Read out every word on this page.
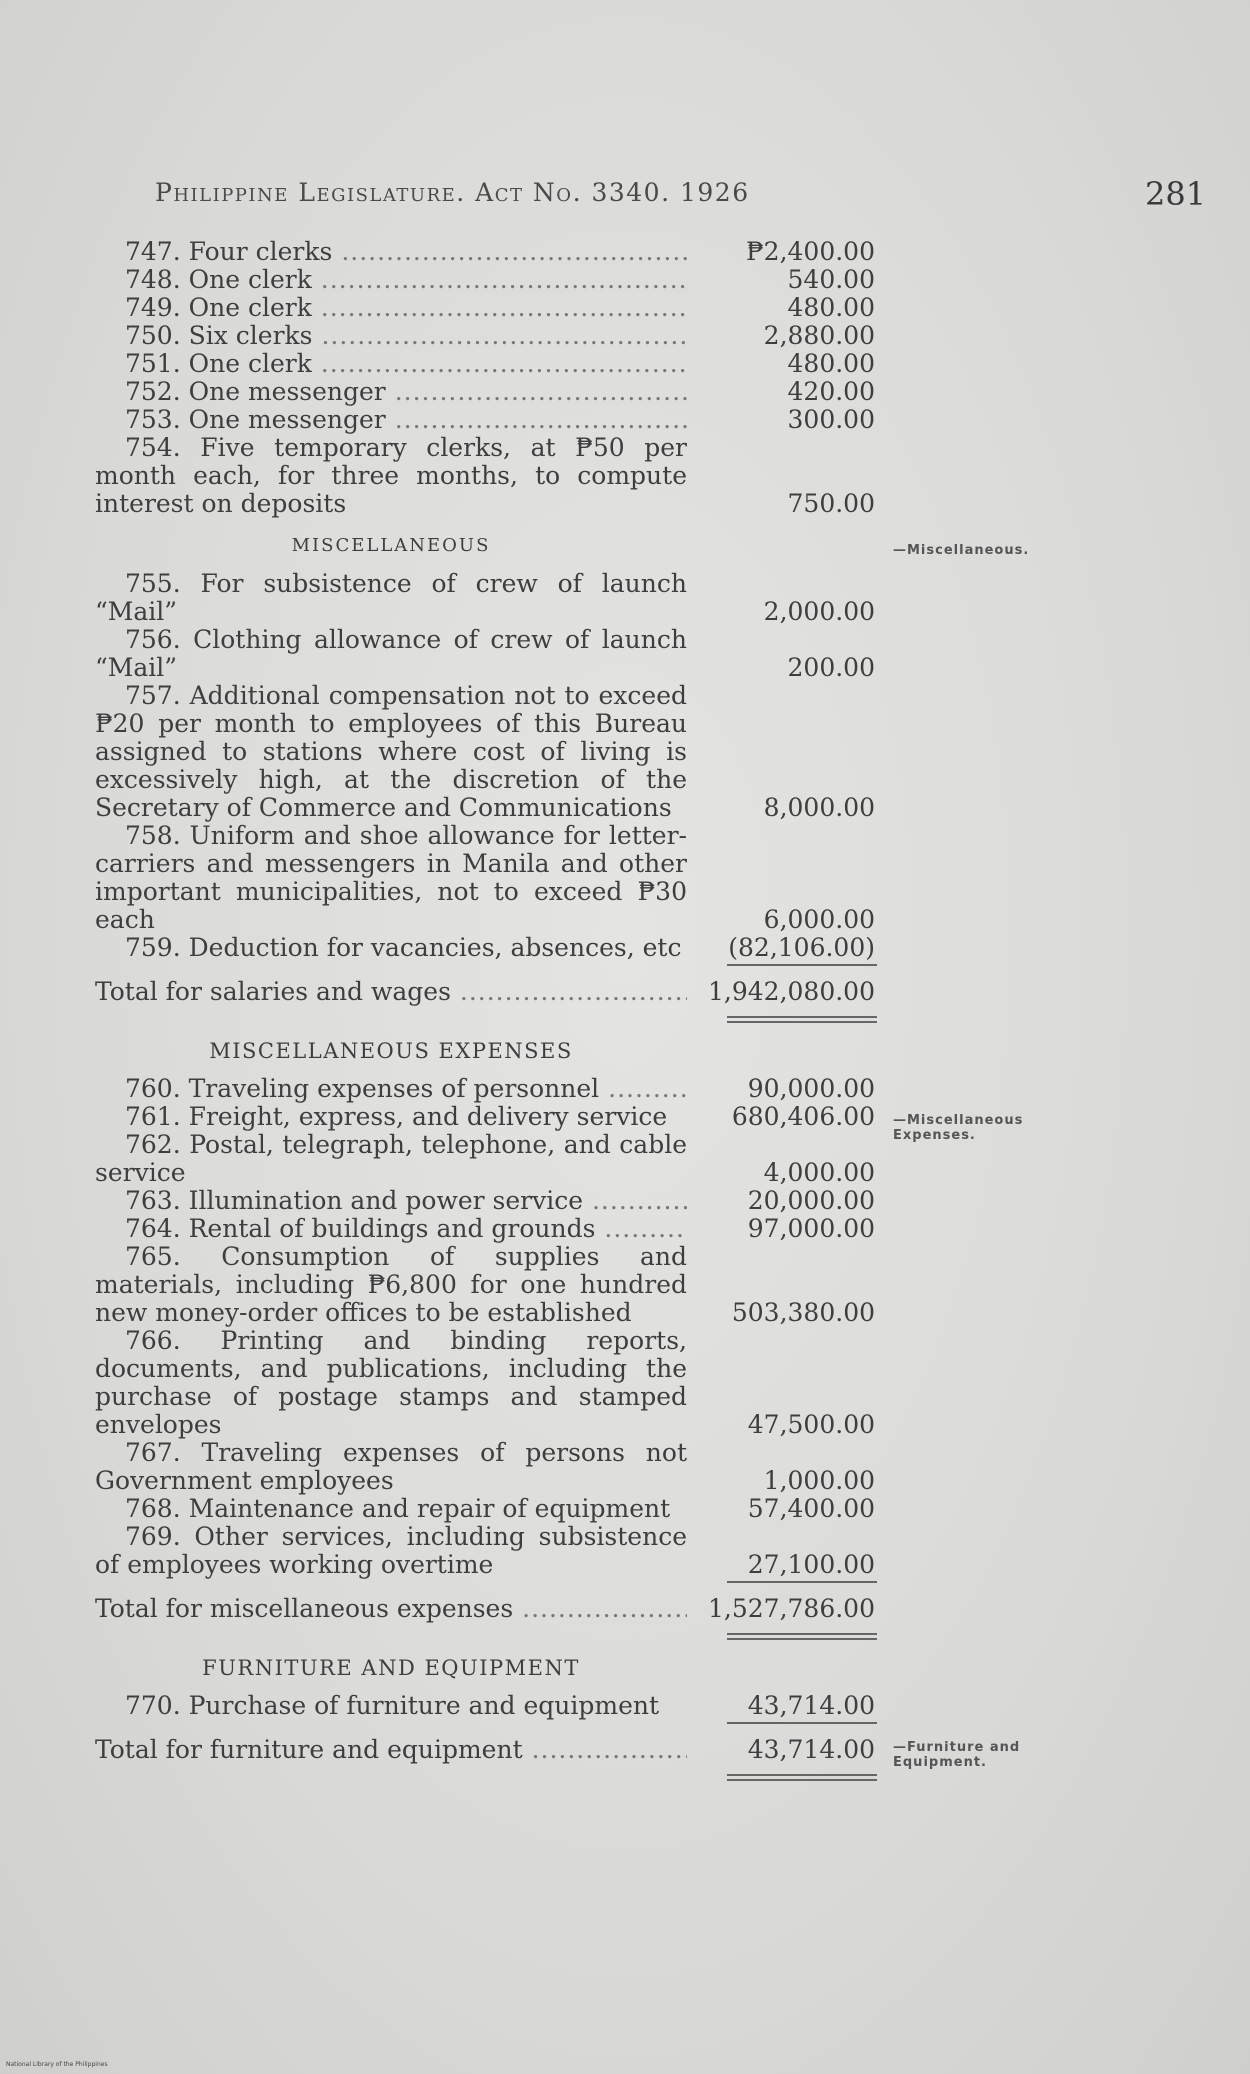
Philippine Legislature. Act No. 3340. 1926	281
747. Four clerks .....	₱2,400.00
748. One clerk .....	540.00
749. One clerk .....	480.00
750. Six clerks .....	2,880.00
751. One clerk .....	480.00
752. One messenger .....	420.00
753. One messenger .....	300.00
754. Five temporary clerks, at ₱50 per month each, for three months, to compute interest on deposits	750.00
MISCELLANEOUS
755. For subsistence of crew of launch “Mail”	2,000.00
756. Clothing allowance of crew of launch “Mail”	200.00
757. Additional compensation not to exceed ₱20 per month to employees of this Bureau assigned to stations where cost of living is excessively high, at the discretion of the Secretary of Commerce and Communications	8,000.00
758. Uniform and shoe allowance for letter-carriers and messengers in Manila and other important municipalities, not to exceed ₱30 each	6,000.00
759. Deduction for vacancies, absences, etc	(82,106.00)
Total for salaries and wages .....	1,942,080.00
MISCELLANEOUS EXPENSES
760. Traveling expenses of personnel .....	90,000.00
761. Freight, express, and delivery service	680,406.00
762. Postal, telegraph, telephone, and cable service	4,000.00
763. Illumination and power service .....	20,000.00
764. Rental of buildings and grounds .....	97,000.00
765. Consumption of supplies and materials, including ₱6,800 for one hundred new money-order offices to be established	503,380.00
766. Printing and binding reports, documents, and publications, including the purchase of postage stamps and stamped envelopes	47,500.00
767. Traveling expenses of persons not Government employees	1,000.00
768. Maintenance and repair of equipment	57,400.00
769. Other services, including subsistence of employees working overtime	27,100.00
Total for miscellaneous expenses .....	1,527,786.00
FURNITURE AND EQUIPMENT
770. Purchase of furniture and equipment	43,714.00
Total for furniture and equipment .....	43,714.00
—Miscellaneous.
—Miscellaneous Expenses.
—Furniture and Equipment.
National Library of the Philippines
